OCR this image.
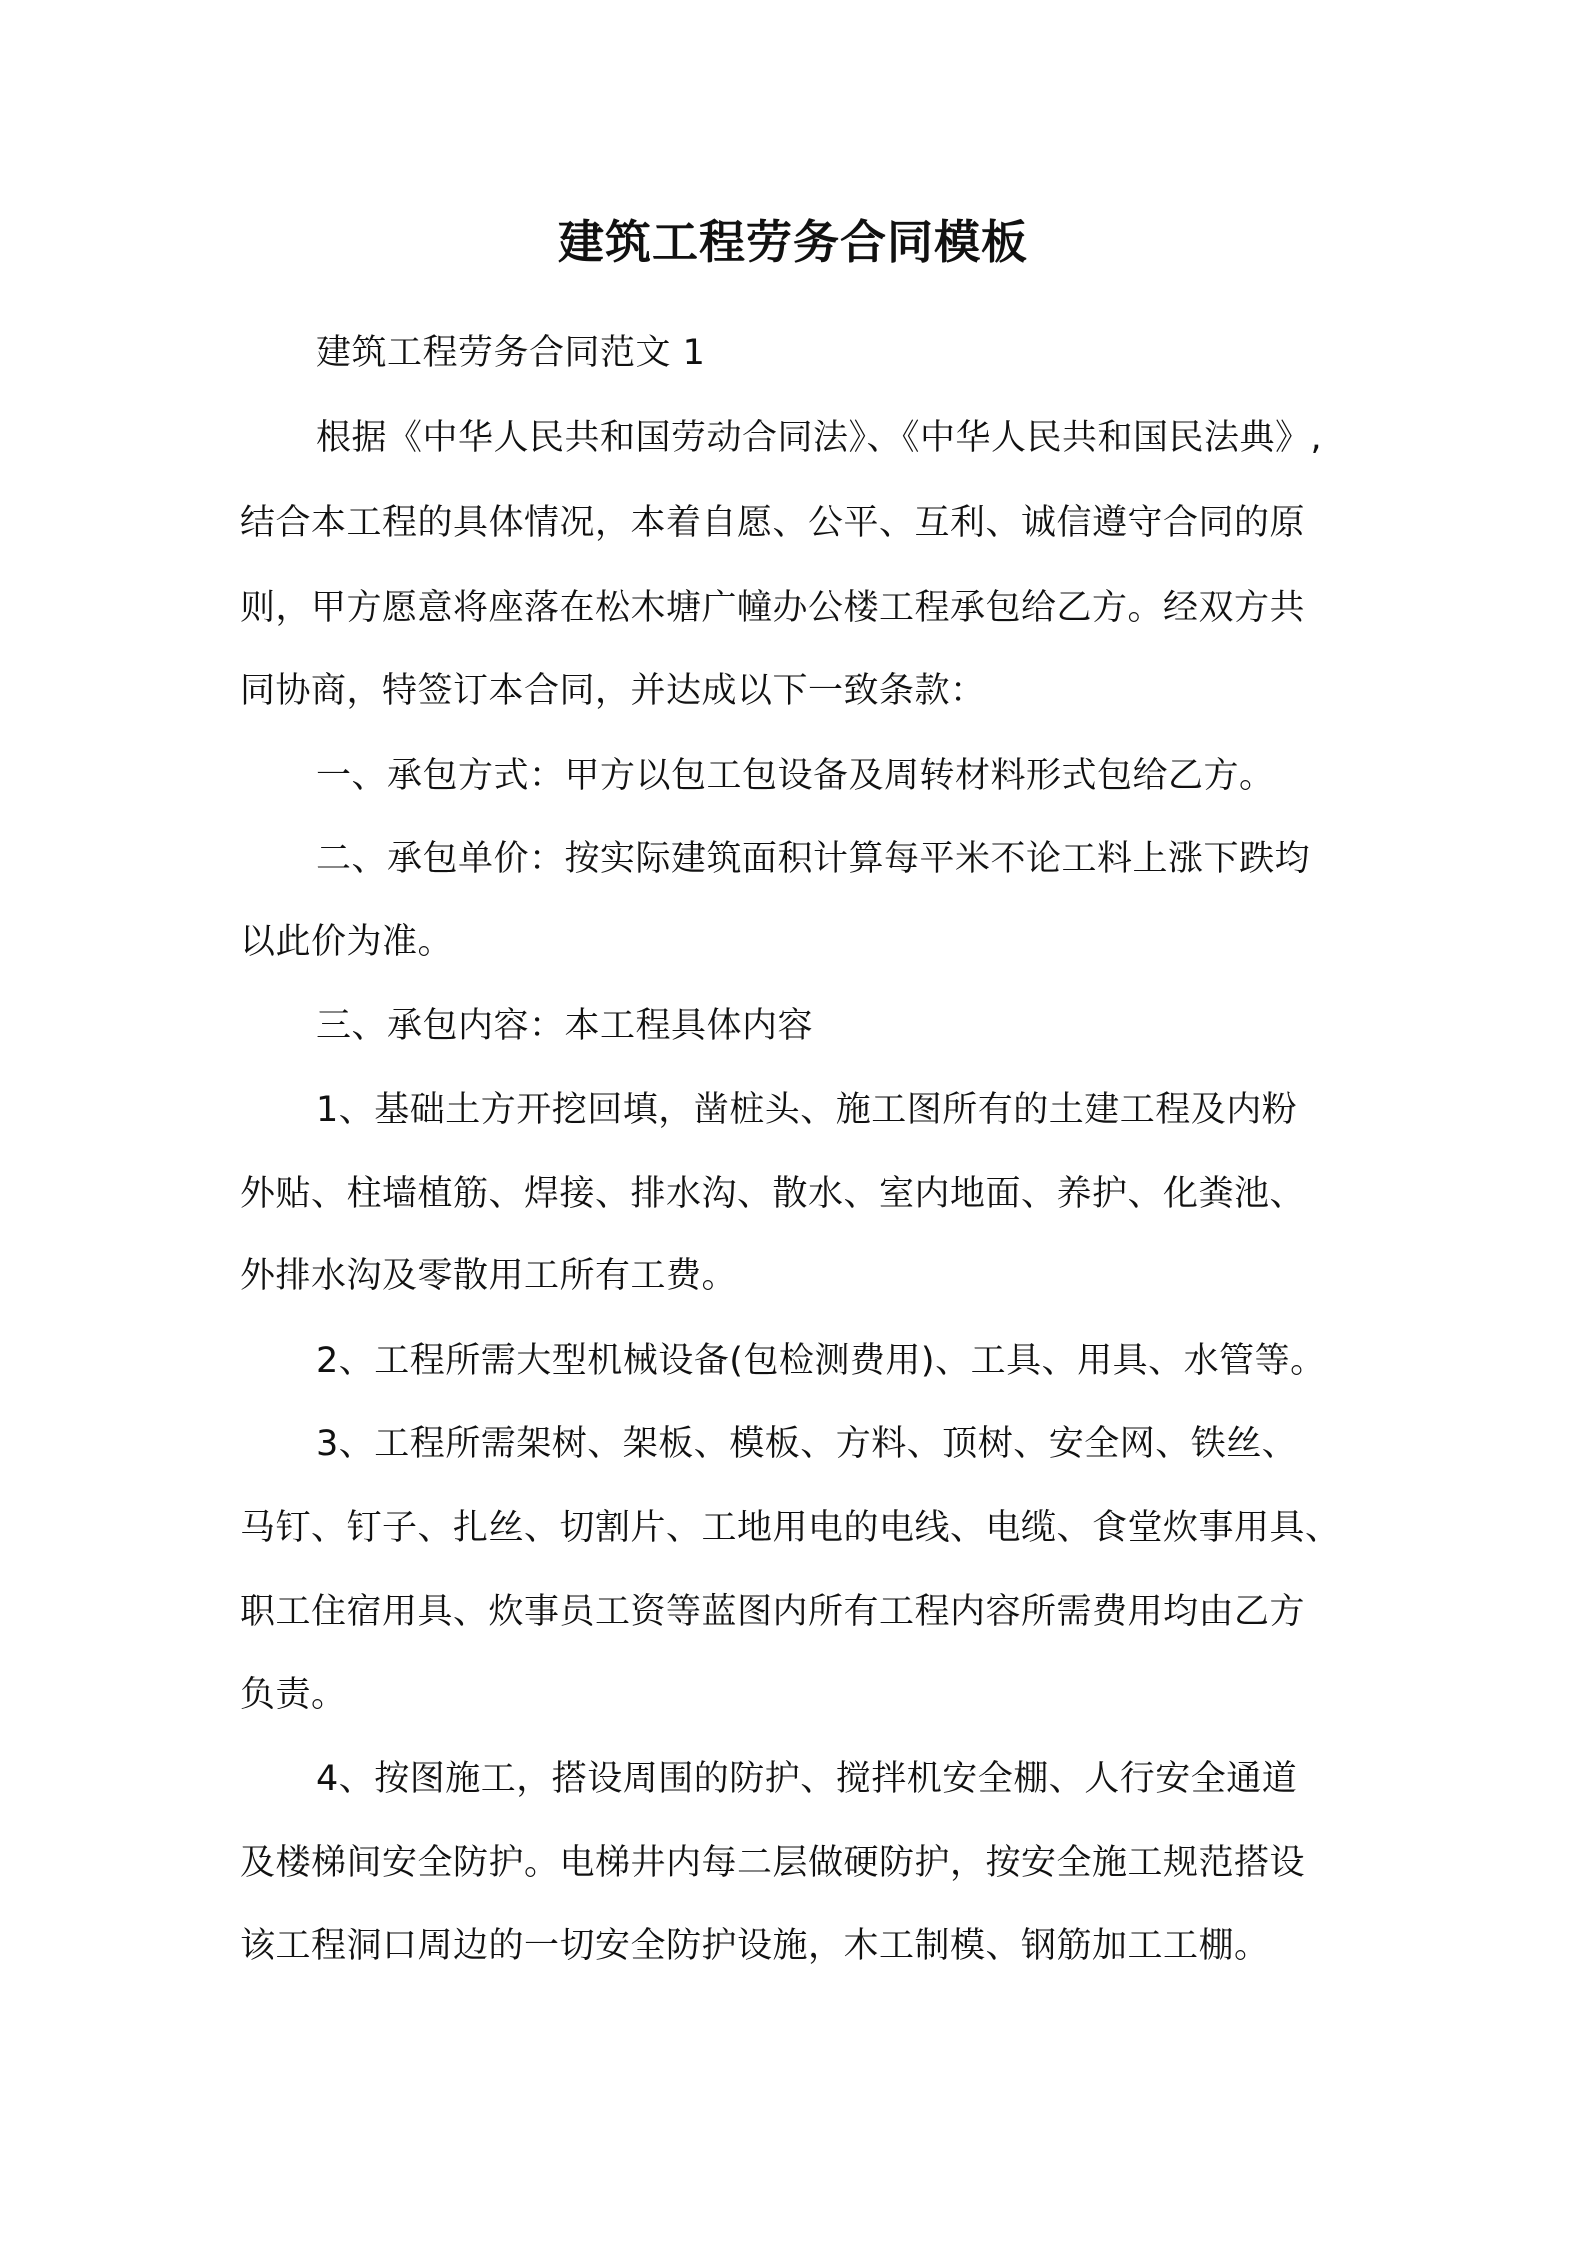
建筑工程劳务合同模板

建筑工程劳务合同范文 1

根据《中华人民共和国劳动合同法》、《中华人民共和国民法典》,

结合本工程的具体情况，本着自愿、公平、互利、诚信遵守合同的原

则，甲方愿意将座落在松木塘广幢办公楼工程承包给乙方。经双方共

同协商，特签订本合同，并达成以下一致条款：

一、承包方式：甲方以包工包设备及周转材料形式包给乙方。

二、承包单价：按实际建筑面积计算每平米不论工料上涨下跌均

以此价为准。

三、承包内容：本工程具体内容

1、基础土方开挖回填，凿桩头、施工图所有的土建工程及内粉

外贴、柱墙植筋、焊接、排水沟、散水、室内地面、养护、化粪池、

外排水沟及零散用工所有工费。

2、工程所需大型机械设备(包检测费用)、工具、用具、水管等。

3、工程所需架树、架板、模板、方料、顶树、安全网、铁丝、

马钉、钉子、扎丝、切割片、工地用电的电线、电缆、食堂炊事用具、

职工住宿用具、炊事员工资等蓝图内所有工程内容所需费用均由乙方

负责。

4、按图施工，搭设周围的防护、搅拌机安全棚、人行安全通道

及楼梯间安全防护。电梯井内每二层做硬防护，按安全施工规范搭设

该工程洞口周边的一切安全防护设施，木工制模、钢筋加工工棚。
